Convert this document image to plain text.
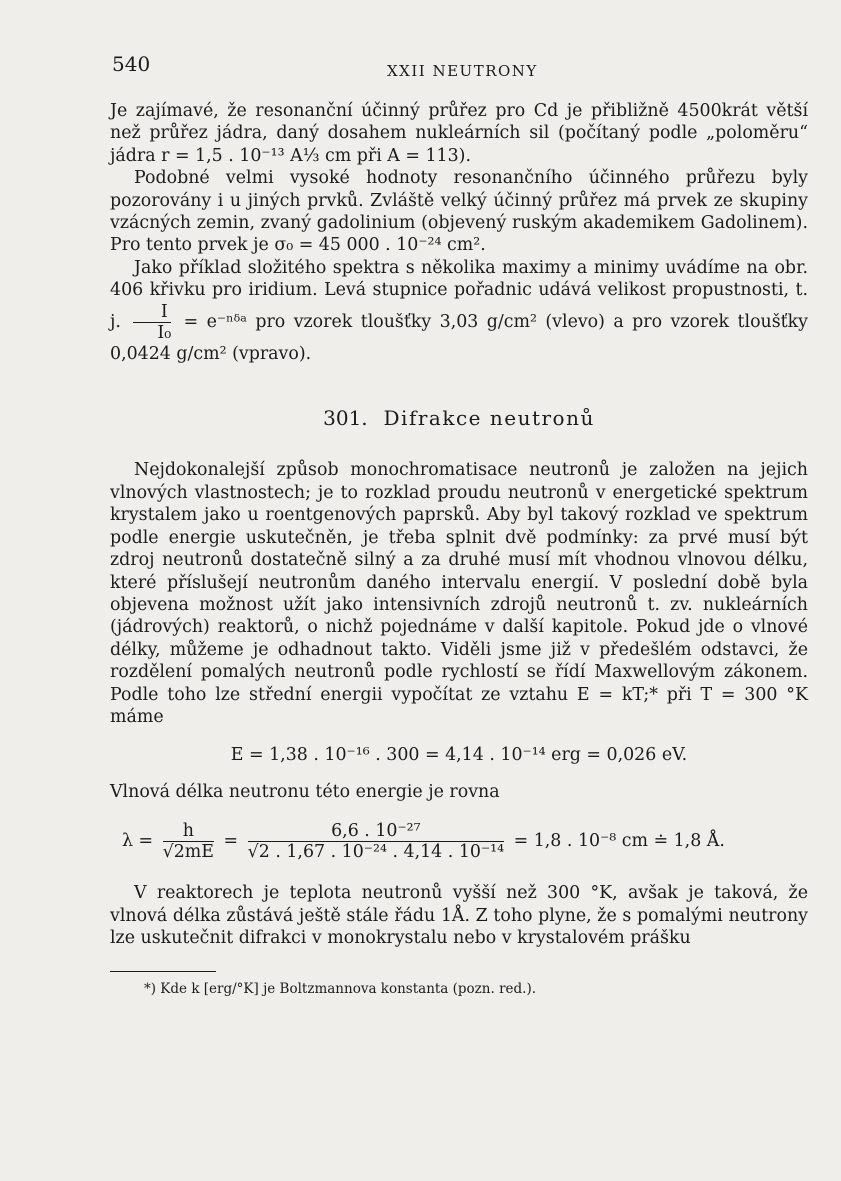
540	XXII NEUTRONY

Je zajímavé, že resonanční účinný průřez pro Cd je přibližně 4500krát větší než průřez jádra, daný dosahem nukleárních sil (počítaný podle „poloměru“ jádra r = 1,5 . 10⁻¹³ A⅓ cm při A = 113).

Podobné velmi vysoké hodnoty resonančního účinného průřezu byly pozorovány i u jiných prvků. Zvláště velký účinný průřez má prvek ze skupiny vzácných zemin, zvaný gadolinium (objevený ruským akademikem Gadolinem). Pro tento prvek je σ₀ = 45 000 . 10⁻²⁴ cm².

Jako příklad složitého spektra s několika maximy a minimy uvádíme na obr. 406 křivku pro iridium. Levá stupnice pořadnic udává velikost propustnosti, t. j. $\frac{I}{\text{I₀}}$ = e⁻ⁿᵟᵃ pro vzorek tloušťky 3,03 g/cm² (vlevo) a pro vzorek tloušťky 0,0424 g/cm² (vpravo).

301. Difrakce neutronů

Nejdokonalejší způsob monochromatisace neutronů je založen na jejich vlnových vlastnostech; je to rozklad proudu neutronů v energetické spektrum krystalem jako u roentgenových paprsků. Aby byl takový rozklad ve spektrum podle energie uskutečněn, je třeba splnit dvě podmínky: za prvé musí být zdroj neutronů dostatečně silný a za druhé musí mít vhodnou vlnovou délku, které příslušejí neutronům daného intervalu energií. V poslední době byla objevena možnost užít jako intensivních zdrojů neutronů t. zv. nukleárních (jádrových) reaktorů, o nichž pojednáme v další kapitole. Pokud jde o vlnové délky, můžeme je odhadnout takto. Viděli jsme již v předešlém odstavci, že rozdělení pomalých neutronů podle rychlostí se řídí Maxwellovým zákonem. Podle toho lze střední energii vypočítat ze vztahu E = kT;* při T = 300 °K máme

E = 1,38 . 10⁻¹⁶ . 300 = 4,14 . 10⁻¹⁴ erg = 0,026 eV.

Vlnová délka neutronu této energie je rovna

$\lambda = \frac{h}{√2mE} = \frac{\text{6,6 . 10⁻²⁷}}{\text{√2 . 1,67 . 10⁻²⁴ . 4,14 . 10⁻¹⁴}} = 1,8$ . 10⁻⁸ cm ≐ 1,8 Å.

V reaktorech je teplota neutronů vyšší než 300 °K, avšak je taková, že vlnová délka zůstává ještě stále řádu 1Å. Z toho plyne, že s pomalými neutrony lze uskutečnit difrakci v monokrystalu nebo v krystalovém prášku

*) Kde k [erg/°K] je Boltzmannova konstanta (pozn. red.).
